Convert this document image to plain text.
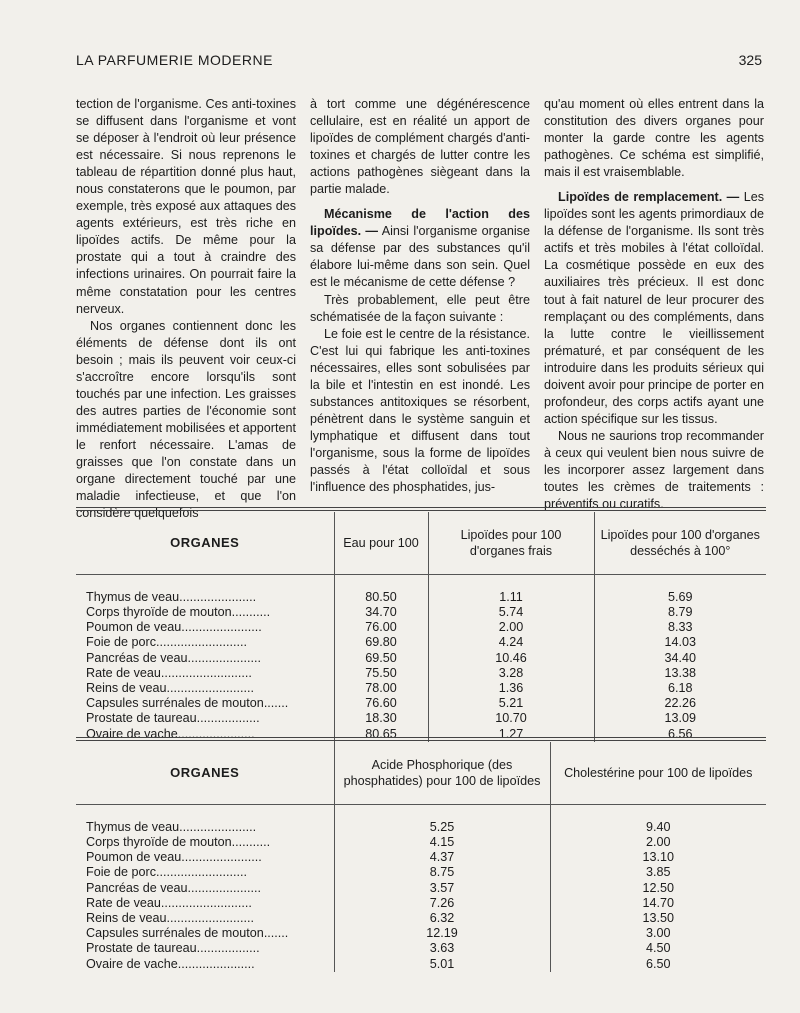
LA PARFUMERIE MODERNE	325

tection de l'organisme. Ces anti-toxines se diffusent dans l'organisme et vont se déposer à l'endroit où leur présence est nécessaire. Si nous reprenons le tableau de répartition donné plus haut, nous constaterons que le poumon, par exemple, très exposé aux attaques des agents extérieurs, est très riche en lipoïdes actifs. De même pour la prostate qui a tout à craindre des infections urinaires. On pourrait faire la même constatation pour les centres nerveux.

Nos organes contiennent donc les éléments de défense dont ils ont besoin ; mais ils peuvent voir ceux-ci s'accroître encore lorsqu'ils sont touchés par une infection. Les graisses des autres parties de l'économie sont immédiatement mobilisées et apportent le renfort nécessaire. L'amas de graisses que l'on constate dans un organe directement touché par une maladie infectieuse, et que l'on considère quelquefois

à tort comme une dégénérescence cellulaire, est en réalité un apport de lipoïdes de complément chargés d'anti-toxines et chargés de lutter contre les actions pathogènes siègeant dans la partie malade.

Mécanisme de l'action des lipoïdes. — Ainsi l'organisme organise sa défense par des substances qu'il élabore lui-même dans son sein. Quel est le mécanisme de cette défense ?

Très probablement, elle peut être schématisée de la façon suivante :

Le foie est le centre de la résistance. C'est lui qui fabrique les anti-toxines nécessaires, elles sont sobulisées par la bile et l'intestin en est inondé. Les substances antitoxiques se résorbent, pénètrent dans le système sanguin et lymphatique et diffusent dans tout l'organisme, sous la forme de lipoïdes passés à l'état colloïdal et sous l'influence des phosphatides, jus-

qu'au moment où elles entrent dans la constitution des divers organes pour monter la garde contre les agents pathogènes. Ce schéma est simplifié, mais il est vraisemblable.

Lipoïdes de remplacement. — Les lipoïdes sont les agents primordiaux de la défense de l'organisme. Ils sont très actifs et très mobiles à l'état colloïdal. La cosmétique possède en eux des auxiliaires très précieux. Il est donc tout à fait naturel de leur procurer des remplaçant ou des compléments, dans la lutte contre le vieillissement prématuré, et par conséquent de les introduire dans les produits sérieux qui doivent avoir pour principe de porter en profondeur, des corps actifs ayant une action spécifique sur les tissus.

Nous ne saurions trop recommander à ceux qui veulent bien nous suivre de les incorporer assez largement dans toutes les crèmes de traitements : préventifs ou curatifs.

ORGANES	Eau pour 100	Lipoïdes pour 100 d'organes frais	Lipoïdes pour 100 d'organes desséchés à 100°

Thymus de veau......................	80.50	1.11	5.69
Corps thyroïde de mouton...........	34.70	5.74	8.79
Poumon de veau.......................	76.00	2.00	8.33
Foie de porc..........................	69.80	4.24	14.03
Pancréas de veau.....................	69.50	10.46	34.40
Rate de veau..........................	75.50	3.28	13.38
Reins de veau.........................	78.00	1.36	6.18
Capsules surrénales de mouton.......	76.60	5.21	22.26
Prostate de taureau..................	18.30	10.70	13.09
Ovaire de vache......................	80.65	1.27	6.56
ORGANES	Acide Phosphorique (des phosphatides) pour 100 de lipoïdes	Cholestérine pour 100 de lipoïdes

Thymus de veau......................	5.25	9.40
Corps thyroïde de mouton...........	4.15	2.00
Poumon de veau.......................	4.37	13.10
Foie de porc..........................	8.75	3.85
Pancréas de veau.....................	3.57	12.50
Rate de veau..........................	7.26	14.70
Reins de veau.........................	6.32	13.50
Capsules surrénales de mouton.......	12.19	3.00
Prostate de taureau..................	3.63	4.50
Ovaire de vache......................	5.01	6.50
